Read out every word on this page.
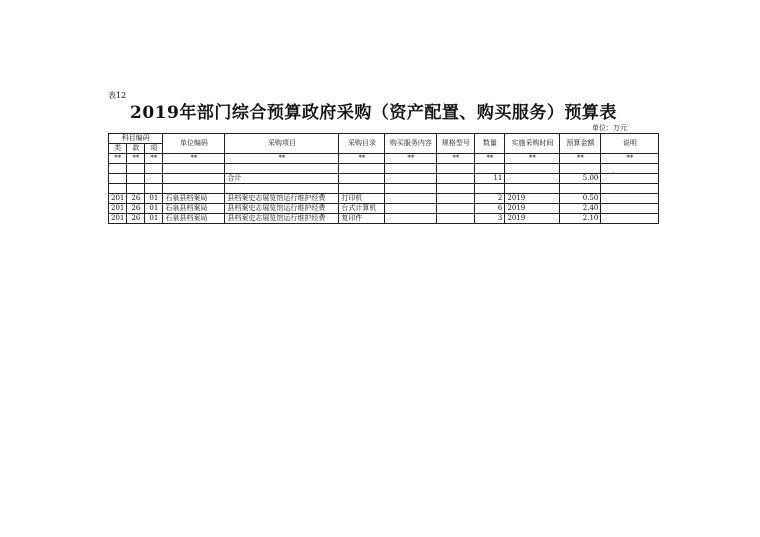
表12
2019年部门综合预算政府采购（资产配置、购买服务）预算表
单位：万元
科目编码			单位编码	采购项目	采购目录	购买服务内容	规格型号	数量	实施采购时间	预算金额	说明
类	款	项									
**	**	**	**	**	**	**	**	**	**	**	**

				合计				11		5.00	

201	26	01	石泉县档案局	县档案史志展览馆运行维护经费	打印机			2	2019	0.50	
201	26	01	石泉县档案局	县档案史志展览馆运行维护经费	台式计算机			6	2019	2.40	
201	26	01	石泉县档案局	县档案史志展览馆运行维护经费	复印件			3	2019	2.10	
`
